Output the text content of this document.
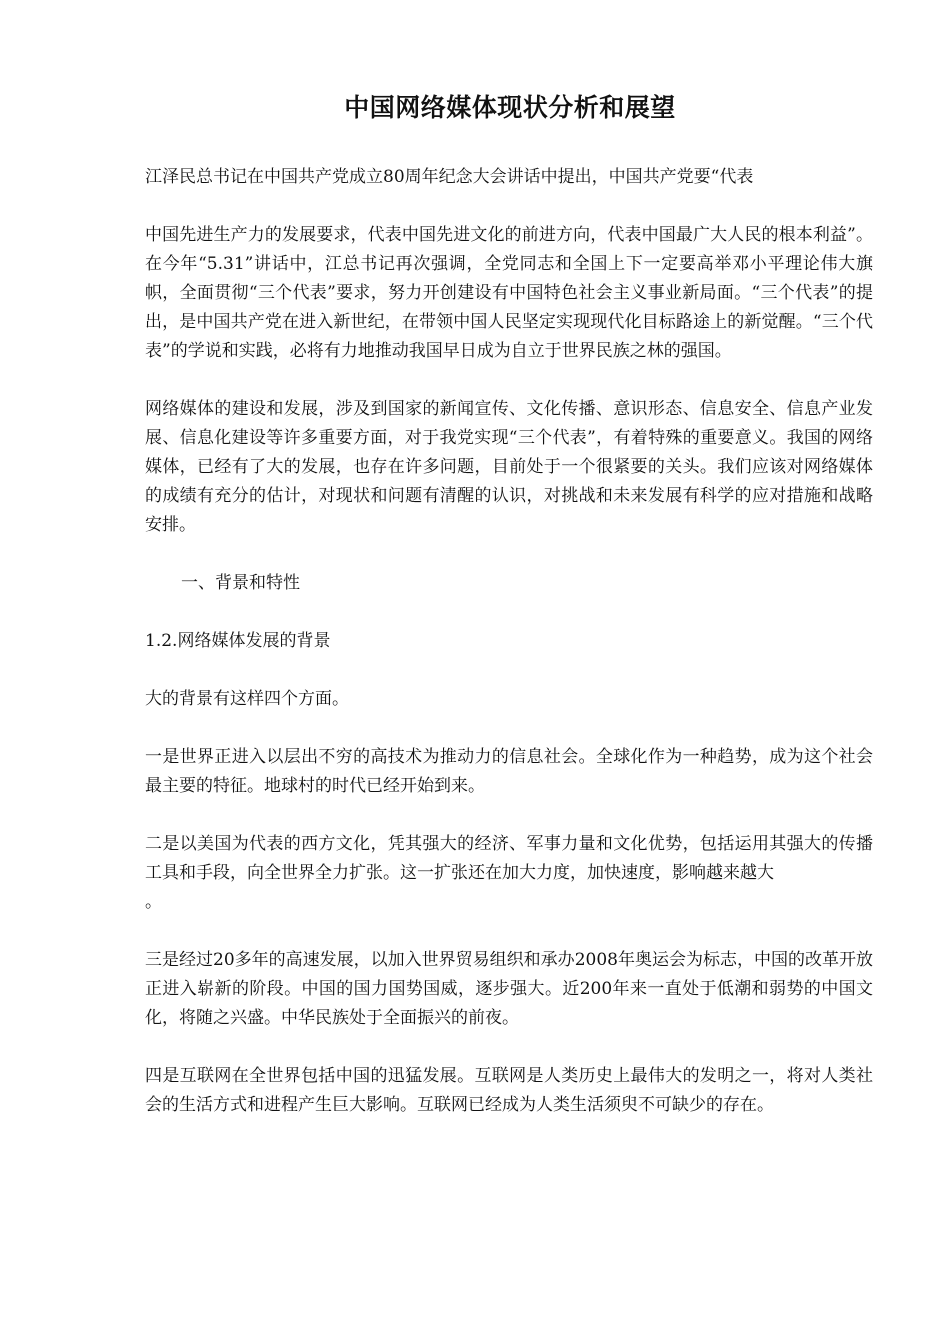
中国网络媒体现状分析和展望

江泽民总书记在中国共产党成立80周年纪念大会讲话中提出，中国共产党要“代表

中国先进生产力的发展要求，代表中国先进文化的前进方向，代表中国最广大人民的根本利益”。在今年“5.31”讲话中，江总书记再次强调，全党同志和全国上下一定要高举邓小平理论伟大旗帜，全面贯彻“三个代表”要求，努力开创建设有中国特色社会主义事业新局面。“三个代表”的提出，是中国共产党在进入新世纪，在带领中国人民坚定实现现代化目标路途上的新觉醒。“三个代表”的学说和实践，必将有力地推动我国早日成为自立于世界民族之林的强国。

网络媒体的建设和发展，涉及到国家的新闻宣传、文化传播、意识形态、信息安全、信息产业发展、信息化建设等许多重要方面，对于我党实现“三个代表”，有着特殊的重要意义。我国的网络媒体，已经有了大的发展，也存在许多问题，目前处于一个很紧要的关头。我们应该对网络媒体的成绩有充分的估计，对现状和问题有清醒的认识，对挑战和未来发展有科学的应对措施和战略安排。

一、背景和特性

1.2.网络媒体发展的背景

大的背景有这样四个方面。

一是世界正进入以层出不穷的高技术为推动力的信息社会。全球化作为一种趋势，成为这个社会最主要的特征。地球村的时代已经开始到来。

二是以美国为代表的西方文化，凭其强大的经济、军事力量和文化优势，包括运用其强大的传播工具和手段，向全世界全力扩张。这一扩张还在加大力度，加快速度，影响越来越大

。

三是经过20多年的高速发展，以加入世界贸易组织和承办2008年奥运会为标志，中国的改革开放正进入崭新的阶段。中国的国力国势国威，逐步强大。近200年来一直处于低潮和弱势的中国文化，将随之兴盛。中华民族处于全面振兴的前夜。

四是互联网在全世界包括中国的迅猛发展。互联网是人类历史上最伟大的发明之一，将对人类社会的生活方式和进程产生巨大影响。互联网已经成为人类生活须臾不可缺少的存在。
